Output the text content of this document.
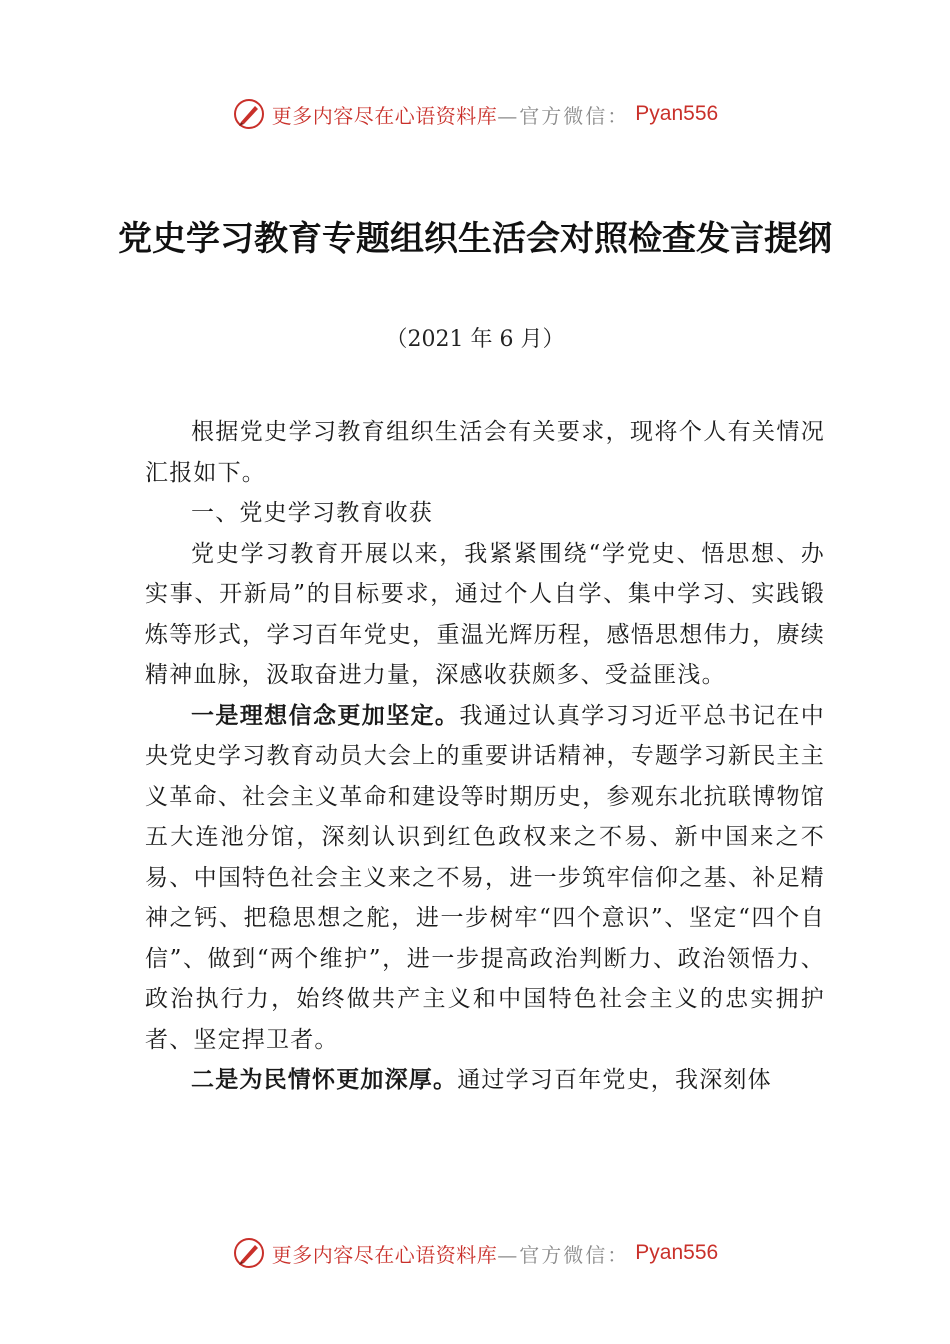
更多内容尽在心语资料库 —官方微信： Pyan556
党史学习教育专题组织生活会对照检查发言提纲
（2021 年 6 月）

根据党史学习教育组织生活会有关要求，现将个人有关情况汇报如下。

一、党史学习教育收获

党史学习教育开展以来，我紧紧围绕“学党史、悟思想、办实事、开新局”的目标要求，通过个人自学、集中学习、实践锻炼等形式，学习百年党史，重温光辉历程，感悟思想伟力，赓续精神血脉，汲取奋进力量，深感收获颇多、受益匪浅。

一是理想信念更加坚定。我通过认真学习习近平总书记在中央党史学习教育动员大会上的重要讲话精神，专题学习新民主主义革命、社会主义革命和建设等时期历史，参观东北抗联博物馆五大连池分馆，深刻认识到红色政权来之不易、新中国来之不易、中国特色社会主义来之不易，进一步筑牢信仰之基、补足精神之钙、把稳思想之舵，进一步树牢“四个意识”、坚定“四个自信”、做到“两个维护”，进一步提高政治判断力、政治领悟力、政治执行力，始终做共产主义和中国特色社会主义的忠实拥护者、坚定捍卫者。

二是为民情怀更加深厚。通过学习百年党史，我深刻体

更多内容尽在心语资料库 —官方微信： Pyan556
